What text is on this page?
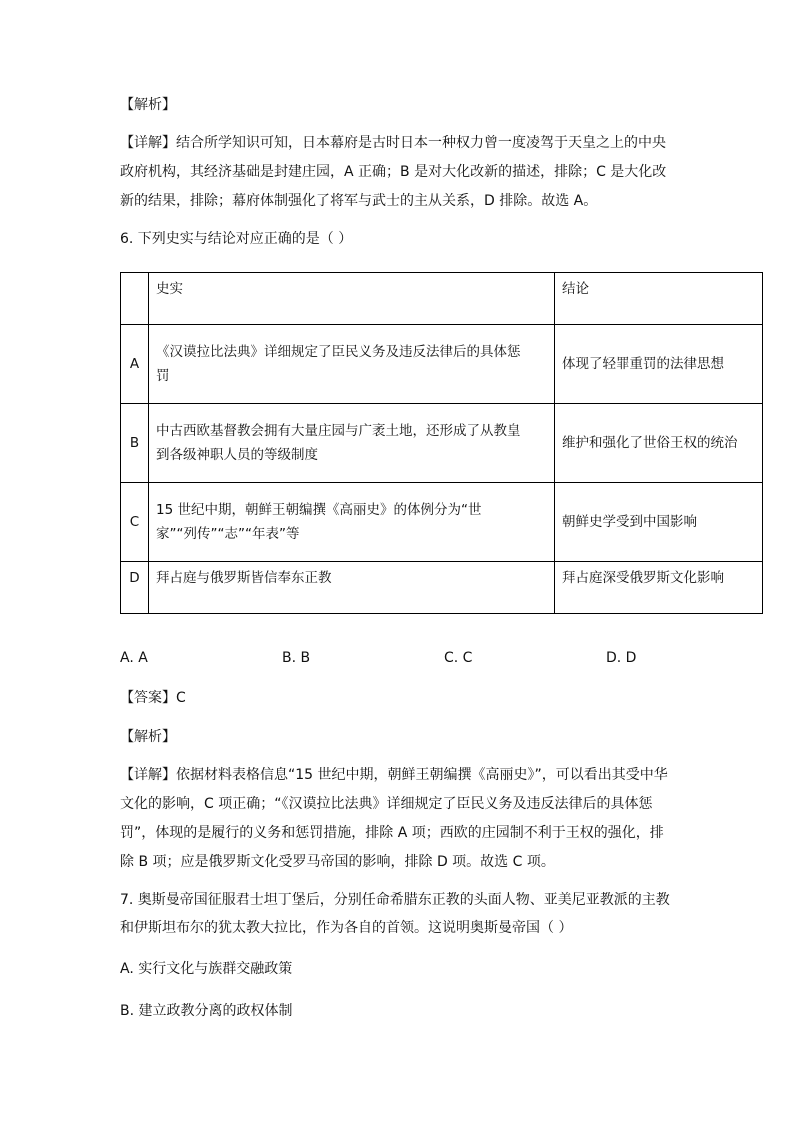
【解析】
【详解】结合所学知识可知，日本幕府是古时日本一种权力曾一度凌驾于天皇之上的中央
政府机构，其经济基础是封建庄园，A 正确；B 是对大化改新的描述，排除；C 是大化改
新的结果，排除；幕府体制强化了将军与武士的主从关系，D 排除。故选 A。
6. 下列史实与结论对应正确的是（ ）
	史实	结论
A	《汉谟拉比法典》详细规定了臣民义务及违反法律后的具体惩
罚	体现了轻罪重罚的法律思想
B	中古西欧基督教会拥有大量庄园与广袤土地，还形成了从教皇
到各级神职人员的等级制度	维护和强化了世俗王权的统治
C	15 世纪中期，朝鲜王朝编撰《高丽史》的体例分为“世
家”“列传”“志”“年表”等	朝鲜史学受到中国影响
D	拜占庭与俄罗斯皆信奉东正教	拜占庭深受俄罗斯文化影响
A. A	B. B	C. C	D. D
【答案】C
【解析】
【详解】依据材料表格信息“15 世纪中期，朝鲜王朝编撰《高丽史》”，可以看出其受中华
文化的影响，C 项正确；“《汉谟拉比法典》详细规定了臣民义务及违反法律后的具体惩
罚”，体现的是履行的义务和惩罚措施，排除 A 项；西欧的庄园制不利于王权的强化，排
除 B 项；应是俄罗斯文化受罗马帝国的影响，排除 D 项。故选 C 项。
7. 奥斯曼帝国征服君士坦丁堡后，分别任命希腊东正教的头面人物、亚美尼亚教派的主教
和伊斯坦布尔的犹太教大拉比，作为各自的首领。这说明奥斯曼帝国（ ）
A. 实行文化与族群交融政策
B. 建立政教分离的政权体制
